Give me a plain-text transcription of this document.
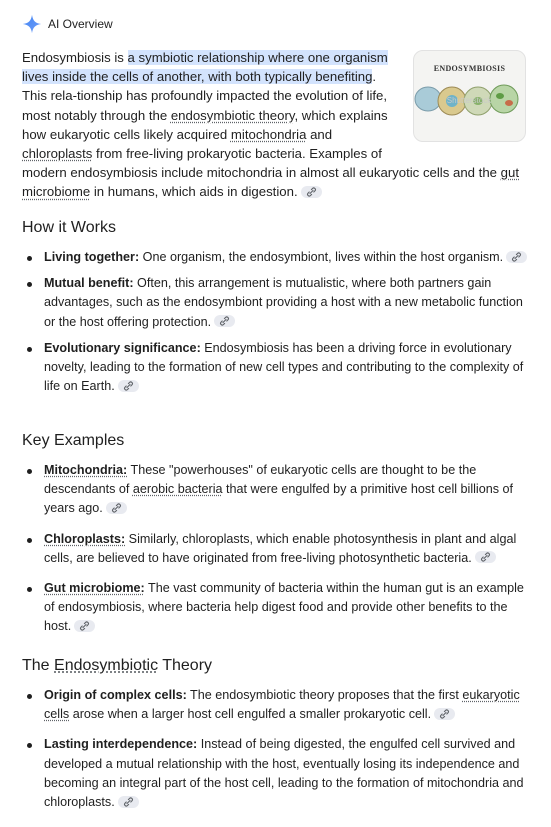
AI Overview
Shutterstock
ENDOSYMBIOSIS
Endosymbiosis is a symbiotic relationship where one organism lives inside the cells of another, with both typically benefiting. This rela-tionship has profoundly impacted the evolution of life, most notably through the endosymbiotic theory, which explains how eukaryotic cells likely acquired mitochondria and chloroplasts from free-living prokaryotic bacteria. Examples of modern endosymbiosis include mitochondria in almost all eukaryotic cells and the gut microbiome in humans, which aids in digestion.
How it Works
Living together: One organism, the endosymbiont, lives within the host organism.
Mutual benefit: Often, this arrangement is mutualistic, where both partners gain advantages, such as the endosymbiont providing a host with a new metabolic function or the host offering protection.
Evolutionary significance: Endosymbiosis has been a driving force in evolutionary novelty, leading to the formation of new cell types and contributing to the complexity of life on Earth.
Key Examples
Mitochondria: These "powerhouses" of eukaryotic cells are thought to be the descendants of aerobic bacteria that were engulfed by a primitive host cell billions of years ago.
Chloroplasts: Similarly, chloroplasts, which enable photosynthesis in plant and algal cells, are believed to have originated from free-living photosynthetic bacteria.
Gut microbiome: The vast community of bacteria within the human gut is an example of endosymbiosis, where bacteria help digest food and provide other benefits to the host.
The Endosymbiotic Theory
Origin of complex cells: The endosymbiotic theory proposes that the first eukaryotic cells arose when a larger host cell engulfed a smaller prokaryotic cell.
Lasting interdependence: Instead of being digested, the engulfed cell survived and developed a mutual relationship with the host, eventually losing its independence and becoming an integral part of the host cell, leading to the formation of mitochondria and chloroplasts.
